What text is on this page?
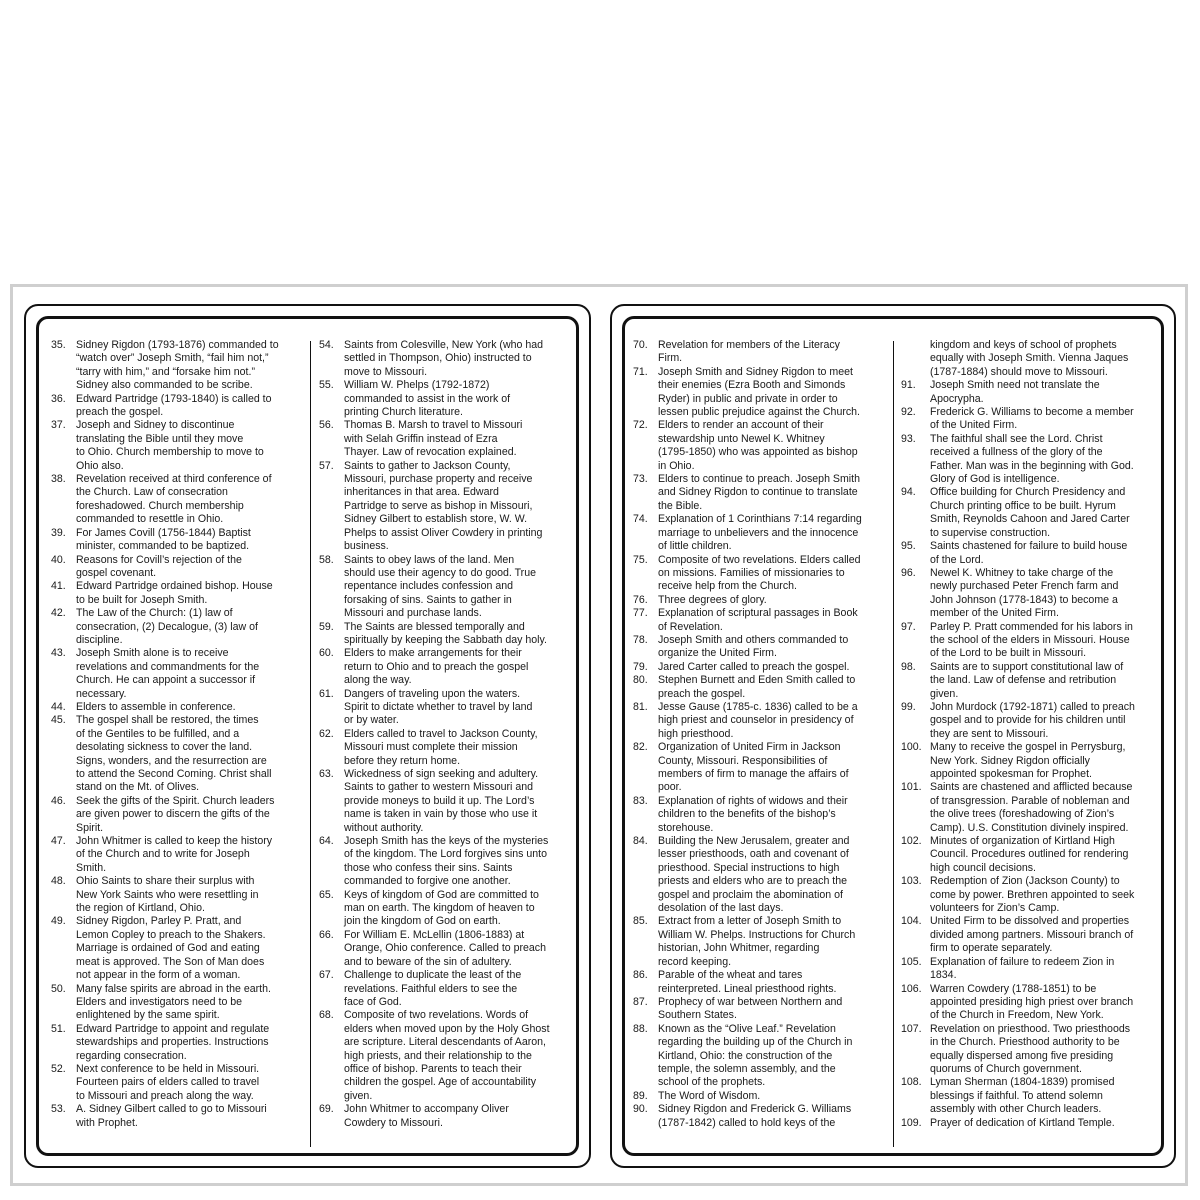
35. Sidney Rigdon (1793-1876) commanded to
“watch over” Joseph Smith, “fail him not,”
“tarry with him,” and “forsake him not.”
Sidney also commanded to be scribe.
36. Edward Partridge (1793-1840) is called to
preach the gospel.
37. Joseph and Sidney to discontinue
translating the Bible until they move
to Ohio. Church membership to move to
Ohio also.
38. Revelation received at third conference of
the Church. Law of consecration
foreshadowed. Church membership
commanded to resettle in Ohio.
39. For James Covill (1756-1844) Baptist
minister, commanded to be baptized.
40. Reasons for Covill’s rejection of the
gospel covenant.
41. Edward Partridge ordained bishop. House
to be built for Joseph Smith.
42. The Law of the Church: (1) law of
consecration, (2) Decalogue, (3) law of
discipline.
43. Joseph Smith alone is to receive
revelations and commandments for the
Church. He can appoint a successor if
necessary.
44. Elders to assemble in conference.
45. The gospel shall be restored, the times
of the Gentiles to be fulfilled, and a
desolating sickness to cover the land.
Signs, wonders, and the resurrection are
to attend the Second Coming. Christ shall
stand on the Mt. of Olives.
46. Seek the gifts of the Spirit. Church leaders
are given power to discern the gifts of the
Spirit.
47. John Whitmer is called to keep the history
of the Church and to write for Joseph
Smith.
48. Ohio Saints to share their surplus with
New York Saints who were resettling in
the region of Kirtland, Ohio.
49. Sidney Rigdon, Parley P. Pratt, and
Lemon Copley to preach to the Shakers.
Marriage is ordained of God and eating
meat is approved. The Son of Man does
not appear in the form of a woman.
50. Many false spirits are abroad in the earth.
Elders and investigators need to be
enlightened by the same spirit.
51. Edward Partridge to appoint and regulate
stewardships and properties. Instructions
regarding consecration.
52. Next conference to be held in Missouri.
Fourteen pairs of elders called to travel
to Missouri and preach along the way.
53. A. Sidney Gilbert called to go to Missouri
with Prophet.
54. Saints from Colesville, New York (who had
settled in Thompson, Ohio) instructed to
move to Missouri.
55. William W. Phelps (1792-1872)
commanded to assist in the work of
printing Church literature.
56. Thomas B. Marsh to travel to Missouri
with Selah Griffin instead of Ezra
Thayer. Law of revocation explained.
57. Saints to gather to Jackson County,
Missouri, purchase property and receive
inheritances in that area. Edward
Partridge to serve as bishop in Missouri,
Sidney Gilbert to establish store, W. W.
Phelps to assist Oliver Cowdery in printing
business.
58. Saints to obey laws of the land. Men
should use their agency to do good. True
repentance includes confession and
forsaking of sins. Saints to gather in
Missouri and purchase lands.
59. The Saints are blessed temporally and
spiritually by keeping the Sabbath day holy.
60. Elders to make arrangements for their
return to Ohio and to preach the gospel
along the way.
61. Dangers of traveling upon the waters.
Spirit to dictate whether to travel by land
or by water.
62. Elders called to travel to Jackson County,
Missouri must complete their mission
before they return home.
63. Wickedness of sign seeking and adultery.
Saints to gather to western Missouri and
provide moneys to build it up. The Lord’s
name is taken in vain by those who use it
without authority.
64. Joseph Smith has the keys of the mysteries
of the kingdom. The Lord forgives sins unto
those who confess their sins. Saints
commanded to forgive one another.
65. Keys of kingdom of God are committed to
man on earth. The kingdom of heaven to
join the kingdom of God on earth.
66. For William E. McLellin (1806-1883) at
Orange, Ohio conference. Called to preach
and to beware of the sin of adultery.
67. Challenge to duplicate the least of the
revelations. Faithful elders to see the
face of God.
68. Composite of two revelations. Words of
elders when moved upon by the Holy Ghost
are scripture. Literal descendants of Aaron,
high priests, and their relationship to the
office of bishop. Parents to teach their
children the gospel. Age of accountability
given.
69. John Whitmer to accompany Oliver
Cowdery to Missouri.
70. Revelation for members of the Literacy
Firm.
71. Joseph Smith and Sidney Rigdon to meet
their enemies (Ezra Booth and Simonds
Ryder) in public and private in order to
lessen public prejudice against the Church.
72. Elders to render an account of their
stewardship unto Newel K. Whitney
(1795-1850) who was appointed as bishop
in Ohio.
73. Elders to continue to preach. Joseph Smith
and Sidney Rigdon to continue to translate
the Bible.
74. Explanation of 1 Corinthians 7:14 regarding
marriage to unbelievers and the innocence
of little children.
75. Composite of two revelations. Elders called
on missions. Families of missionaries to
receive help from the Church.
76. Three degrees of glory.
77. Explanation of scriptural passages in Book
of Revelation.
78. Joseph Smith and others commanded to
organize the United Firm.
79. Jared Carter called to preach the gospel.
80. Stephen Burnett and Eden Smith called to
preach the gospel.
81. Jesse Gause (1785-c. 1836) called to be a
high priest and counselor in presidency of
high priesthood.
82. Organization of United Firm in Jackson
County, Missouri. Responsibilities of
members of firm to manage the affairs of
poor.
83. Explanation of rights of widows and their
children to the benefits of the bishop’s
storehouse.
84. Building the New Jerusalem, greater and
lesser priesthoods, oath and covenant of
priesthood. Special instructions to high
priests and elders who are to preach the
gospel and proclaim the abomination of
desolation of the last days.
85. Extract from a letter of Joseph Smith to
William W. Phelps. Instructions for Church
historian, John Whitmer, regarding
record keeping.
86. Parable of the wheat and tares
reinterpreted. Lineal priesthood rights.
87. Prophecy of war between Northern and
Southern States.
88. Known as the “Olive Leaf.” Revelation
regarding the building up of the Church in
Kirtland, Ohio: the construction of the
temple, the solemn assembly, and the
school of the prophets.
89. The Word of Wisdom.
90. Sidney Rigdon and Frederick G. Williams
(1787-1842) called to hold keys of the
kingdom and keys of school of prophets
equally with Joseph Smith. Vienna Jaques
(1787-1884) should move to Missouri.
91.	Joseph Smith need not translate the
Apocrypha.
92.	Frederick G. Williams to become a member
of the United Firm.
93.	The faithful shall see the Lord. Christ
received a fullness of the glory of the
Father. Man was in the beginning with God.
Glory of God is intelligence.
94.	Office building for Church Presidency and
Church printing office to be built. Hyrum
Smith, Reynolds Cahoon and Jared Carter
to supervise construction.
95.	Saints chastened for failure to build house
of the Lord.
96.	Newel K. Whitney to take charge of the
newly purchased Peter French farm and
John Johnson (1778-1843) to become a
member of the United Firm.
97.	Parley P. Pratt commended for his labors in
the school of the elders in Missouri. House
of the Lord to be built in Missouri.
98.	Saints are to support constitutional law of
the land. Law of defense and retribution
given.
99.	John Murdock (1792-1871) called to preach
gospel and to provide for his children until
they are sent to Missouri.
100. Many to receive the gospel in Perrysburg,
New York. Sidney Rigdon officially
appointed spokesman for Prophet.
101. Saints are chastened and afflicted because
of transgression. Parable of nobleman and
the olive trees (foreshadowing of Zion’s
Camp). U.S. Constitution divinely inspired.
102. Minutes of organization of Kirtland High
Council. Procedures outlined for rendering
high council decisions.
103. Redemption of Zion (Jackson County) to
come by power. Brethren appointed to seek
volunteers for Zion’s Camp.
104. United Firm to be dissolved and properties
divided among partners. Missouri branch of
firm to operate separately.
105. Explanation of failure to redeem Zion in
1834.
106. Warren Cowdery (1788-1851) to be
appointed presiding high priest over branch
of the Church in Freedom, New York.
107. Revelation on priesthood. Two priesthoods
in the Church. Priesthood authority to be
equally dispersed among five presiding
quorums of Church government.
108. Lyman Sherman (1804-1839) promised
blessings if faithful. To attend solemn
assembly with other Church leaders.
109. Prayer of dedication of Kirtland Temple.
